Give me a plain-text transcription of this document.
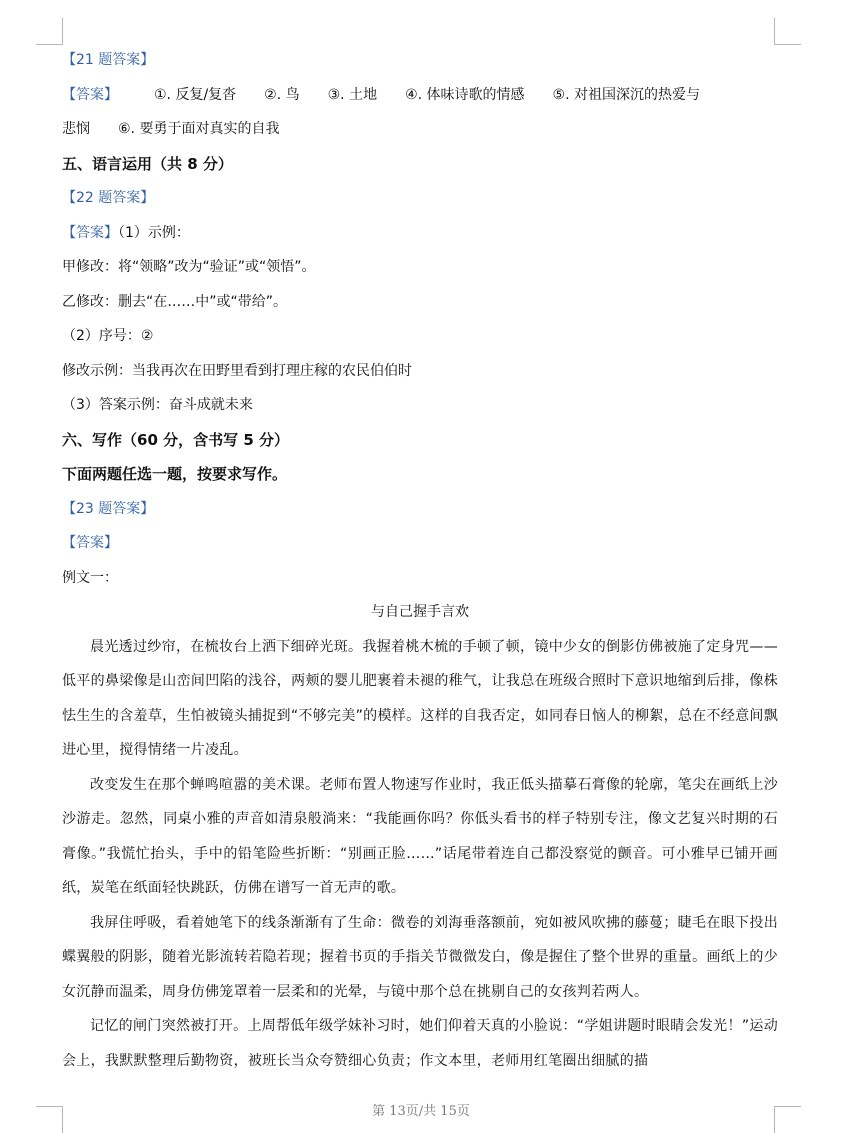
【21 题答案】
【答案】	①. 反复/复沓 ②. 鸟 ③. 土地 ④. 体味诗歌的情感 ⑤. 对祖国深沉的热爱与
悲悯 ⑥. 要勇于面对真实的自我
五、语言运用（共 8 分）
【22 题答案】
【答案】（1）示例：
甲修改：将“领略”改为“验证”或“领悟”。
乙修改：删去“在……中”或“带给”。
（2）序号：②
修改示例：当我再次在田野里看到打理庄稼的农民伯伯时
（3）答案示例：奋斗成就未来
六、写作（60 分，含书写 5 分）
下面两题任选一题，按要求写作。
【23 题答案】
【答案】
例文一：
与自己握手言欢

晨光透过纱帘，在梳妆台上洒下细碎光斑。我握着桃木梳的手顿了顿，镜中少女的倒影仿佛被施了定身咒——低平的鼻梁像是山峦间凹陷的浅谷，两颊的婴儿肥裹着未褪的稚气，让我总在班级合照时下意识地缩到后排，像株怯生生的含羞草，生怕被镜头捕捉到“不够完美”的模样。这样的自我否定，如同春日恼人的柳絮，总在不经意间飘进心里，搅得情绪一片凌乱。

改变发生在那个蝉鸣喧嚣的美术课。老师布置人物速写作业时，我正低头描摹石膏像的轮廓，笔尖在画纸上沙沙游走。忽然，同桌小雅的声音如清泉般淌来：“我能画你吗？你低头看书的样子特别专注，像文艺复兴时期的石膏像。”我慌忙抬头，手中的铅笔险些折断：“别画正脸……”话尾带着连自己都没察觉的颤音。可小雅早已铺开画纸，炭笔在纸面轻快跳跃，仿佛在谱写一首无声的歌。

我屏住呼吸，看着她笔下的线条渐渐有了生命：微卷的刘海垂落额前，宛如被风吹拂的藤蔓；睫毛在眼下投出蝶翼般的阴影，随着光影流转若隐若现；握着书页的手指关节微微发白，像是握住了整个世界的重量。画纸上的少女沉静而温柔，周身仿佛笼罩着一层柔和的光晕，与镜中那个总在挑剔自己的女孩判若两人。

记忆的闸门突然被打开。上周帮低年级学妹补习时，她们仰着天真的小脸说：“学姐讲题时眼睛会发光！”运动会上，我默默整理后勤物资，被班长当众夸赞细心负责；作文本里，老师用红笔圈出细腻的描

第 13页/共 15页
